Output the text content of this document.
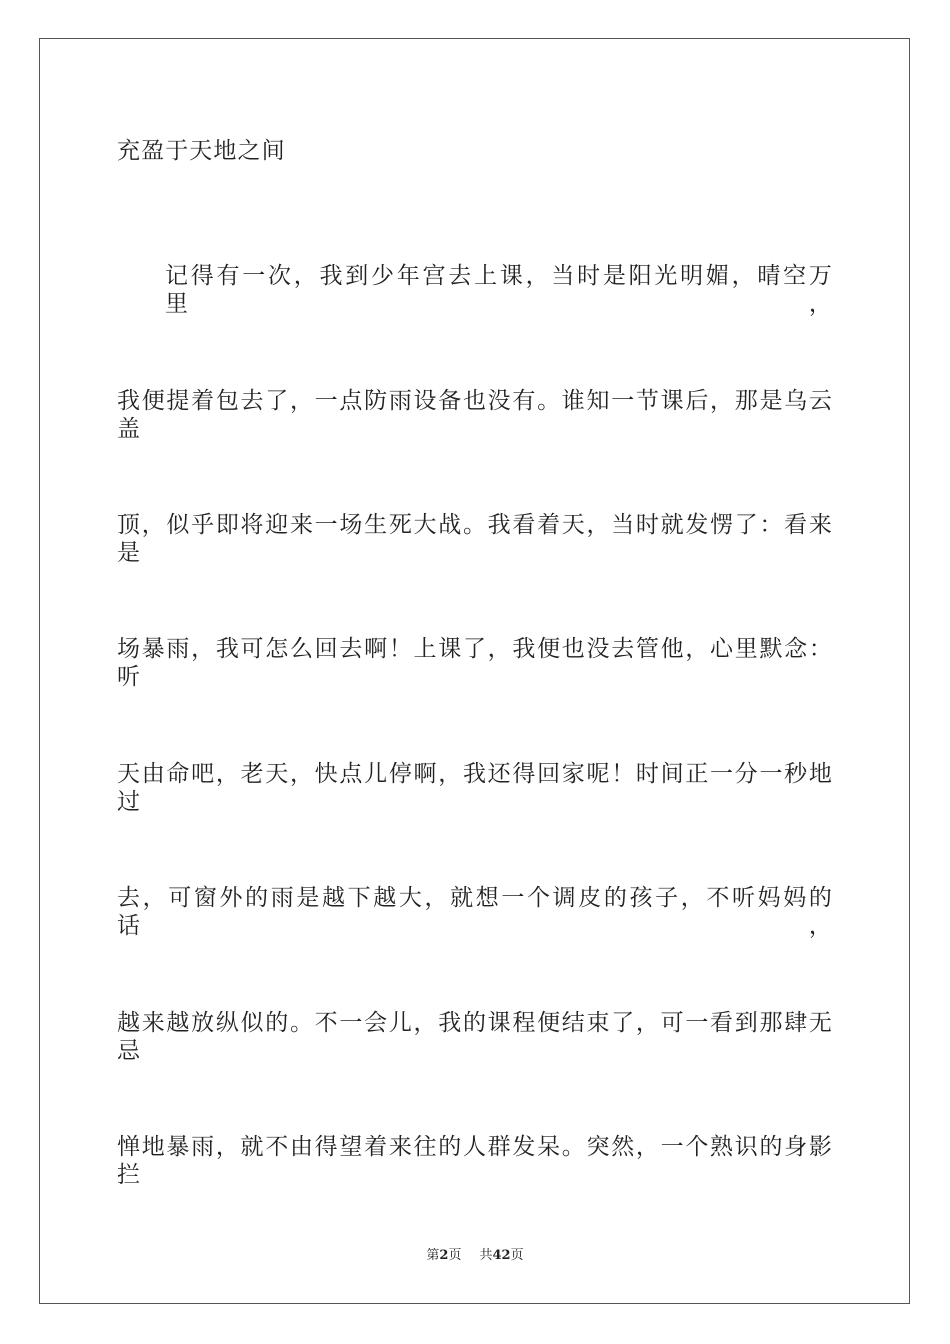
充盈于天地之间
记得有一次，我到少年宫去上课，当时是阳光明媚，晴空万里，
我便提着包去了，一点防雨设备也没有。谁知一节课后，那是乌云盖
顶，似乎即将迎来一场生死大战。我看着天，当时就发愣了：看来是
场暴雨，我可怎么回去啊！上课了，我便也没去管他，心里默念：听
天由命吧，老天，快点儿停啊，我还得回家呢！时间正一分一秒地过
去，可窗外的雨是越下越大，就想一个调皮的孩子，不听妈妈的话，
越来越放纵似的。不一会儿，我的课程便结束了，可一看到那肆无忌
惮地暴雨，就不由得望着来往的人群发呆。突然，一个熟识的身影拦
第2页 共42页
